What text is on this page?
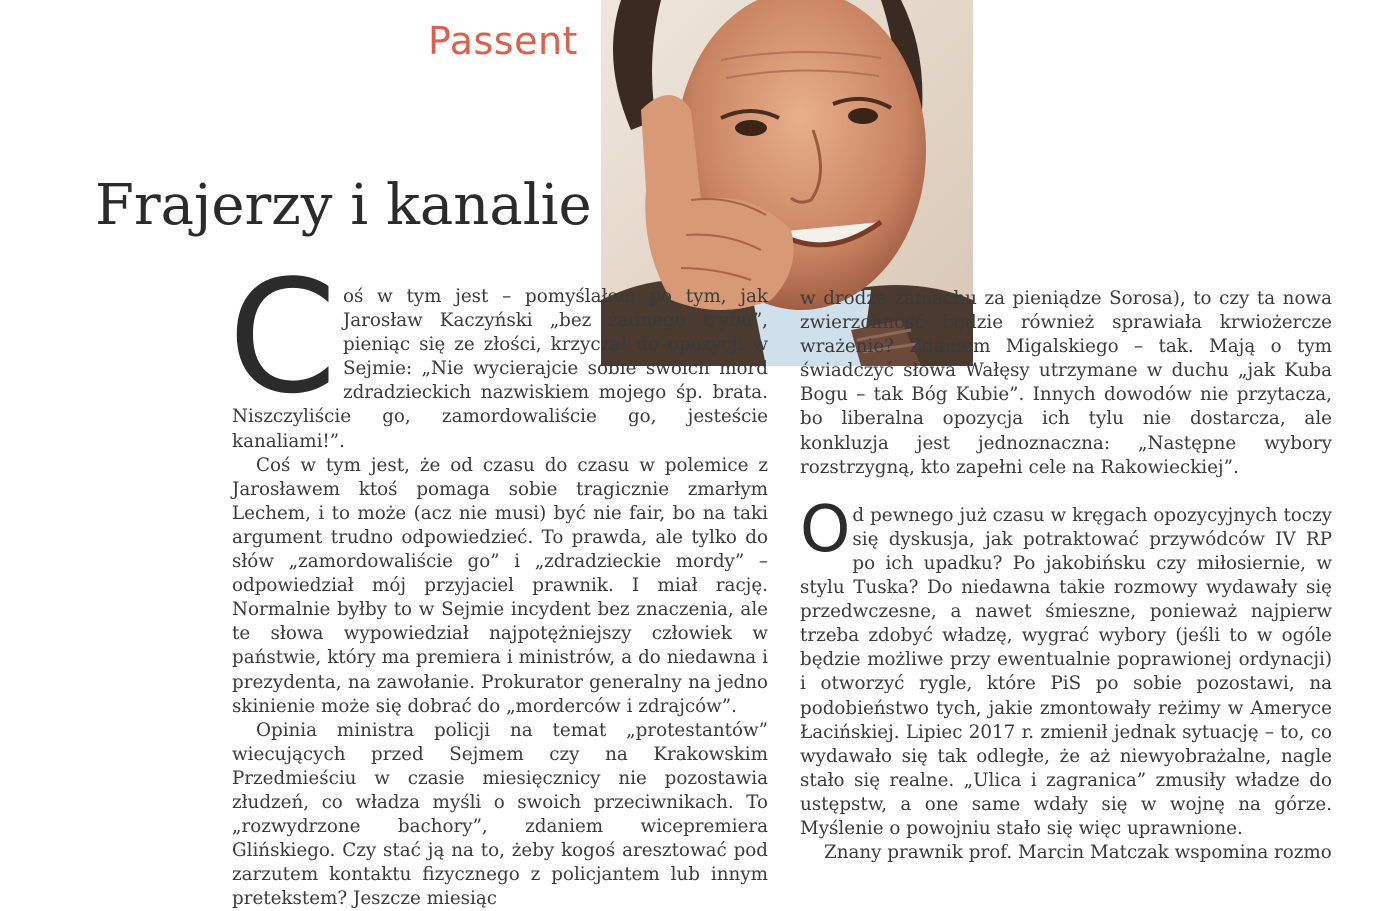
Passent
Frajerzy i kanalie

Coś w tym jest – pomyślałem po tym, jak Jarosław Kaczyński „bez żadnego trybu”, pieniąc się ze złości, krzyczał do opozycji w Sejmie: „Nie wycierajcie sobie swoich mord zdradzieckich nazwiskiem mojego śp. brata. Niszczyliście go, zamordowaliście go, jesteście kanaliami!”.

Coś w tym jest, że od czasu do czasu w polemice z Jarosławem ktoś pomaga sobie tragicznie zmarłym Lechem, i to może (acz nie musi) być nie fair, bo na taki argument trudno odpowiedzieć. To prawda, ale tylko do słów „zamordowaliście go” i „zdradzieckie mordy” – odpowiedział mój przyjaciel prawnik. I miał rację. Normalnie byłby to w Sejmie incydent bez znaczenia, ale te słowa wypowiedział najpotężniejszy człowiek w państwie, który ma premiera i ministrów, a do niedawna i prezydenta, na zawołanie. Prokurator generalny na jedno skinienie może się dobrać do „morderców i zdrajców”.

Opinia ministra policji na temat „protestantów” wiecujących przed Sejmem czy na Krakowskim Przedmieściu w czasie miesięcznicy nie pozostawia złudzeń, co władza myśli o swoich przeciwnikach. To „rozwydrzone bachory”, zdaniem wicepremiera Glińskiego. Czy stać ją na to, żeby kogoś aresztować pod zarzutem kontaktu fizycznego z policjantem lub innym pretekstem? Jeszcze miesiąc

w drodze zamachu za pieniądze Sorosa), to czy ta nowa zwierzchność będzie również sprawiała krwiożercze wrażenie? Zdaniem Migalskiego – tak. Mają o tym świadczyć słowa Wałęsy utrzymane w duchu „jak Kuba Bogu – tak Bóg Kubie”. Innych dowodów nie przytacza, bo liberalna opozycja ich tylu nie dostarcza, ale konkluzja jest jednoznaczna: „Następne wybory rozstrzygną, kto zapełni cele na Rakowieckiej”.

Od pewnego już czasu w kręgach opozycyjnych toczy się dyskusja, jak potraktować przywódców IV RP po ich upadku? Po jakobińsku czy miłosiernie, w stylu Tuska? Do niedawna takie rozmowy wydawały się przedwczesne, a nawet śmieszne, ponieważ najpierw trzeba zdobyć władzę, wygrać wybory (jeśli to w ogóle będzie możliwe przy ewentualnie poprawionej ordynacji) i otworzyć rygle, które PiS po sobie pozostawi, na podobieństwo tych, jakie zmontowały reżimy w Ameryce Łacińskiej. Lipiec 2017 r. zmienił jednak sytuację – to, co wydawało się tak odległe, że aż niewyobrażalne, nagle stało się realne. „Ulica i zagranica” zmusiły władze do ustępstw, a one same wdały się w wojnę na górze. Myślenie o powojniu stało się więc uprawnione.

Znany prawnik prof. Marcin Matczak wspomina rozmo
